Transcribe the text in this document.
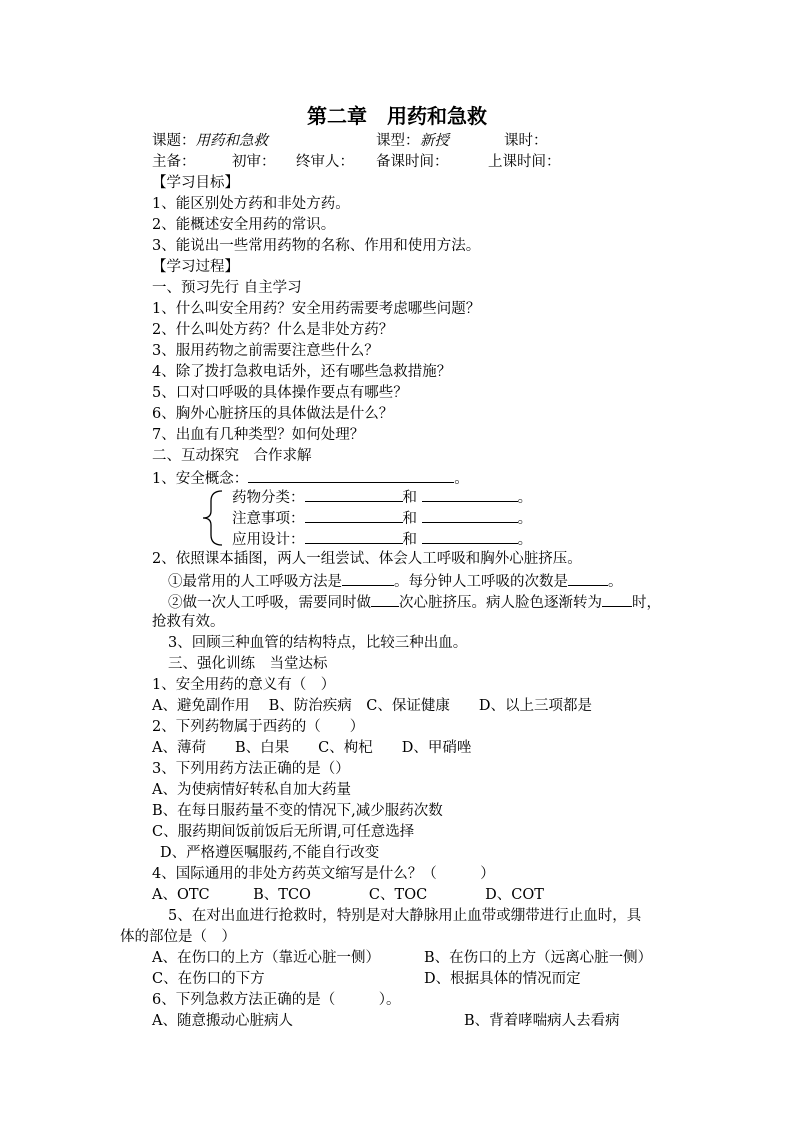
第二章　用药和急救
课题：用药和急救	课型： 新授	课时：
主备：	初审： 终审人： 备课时间：	上课时间：
【学习目标】
1、能区别处方药和非处方药。
2、能概述安全用药的常识。
3、能说出一些常用药物的名称、作用和使用方法。
【学习过程】
一、预习先行 自主学习
1、什么叫安全用药？安全用药需要考虑哪些问题？
2、什么叫处方药？什么是非处方药？
3、服用药物之前需要注意些什么？
4、除了拨打急救电话外，还有哪些急救措施？
5、口对口呼吸的具体操作要点有哪些？
6、胸外心脏挤压的具体做法是什么？
7、出血有几种类型？如何处理？
二、互动探究　合作求解
1、安全概念：	。
药物分类：	和	。
注意事项：	和	。
应用设计：	和	。
2、依照课本插图，两人一组尝试、体会人工呼吸和胸外心脏挤压。
①最常用的人工呼吸方法是	。每分钟人工呼吸的次数是	。
②做一次人工呼吸，需要同时做 次心脏挤压。病人脸色逐渐转为 时，
抢救有效。
3、回顾三种血管的结构特点，比较三种出血。
三、强化训练　当堂达标
1、安全用药的意义有（　）
A、避免副作用　 B、防治疾病　C、保证健康　　D、以上三项都是
2、下列药物属于西药的（　　）
A、薄荷　　B、白果　　C、枸杞　　D、甲硝唑
3、下列用药方法正确的是（）
A、为使病情好转私自加大药量
B、在每日服药量不变的情况下,减少服药次数
C、服药期间饭前饭后无所谓,可任意选择
D、严格遵医嘱服药,不能自行改变
4、国际通用的非处方药英文缩写是什么？（　　　）
A、OTC　　　B、TCO　　　　C、TOC　　　　D、COT
5、在对出血进行抢救时，特别是对大静脉用止血带或绷带进行止血时，具
体的部位是（　）
A、在伤口的上方（靠近心脏一侧）	B、在伤口的上方（远离心脏一侧）
C、在伤口的下方	D、根据具体的情况而定
6、下列急救方法正确的是（　　　）。
A、随意搬动心脏病人	B、背着哮喘病人去看病
